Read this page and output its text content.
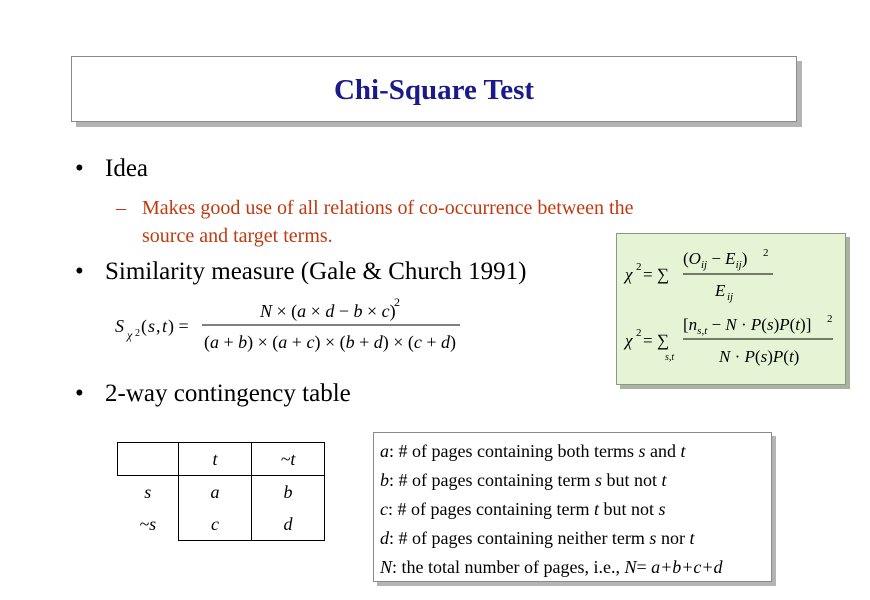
Chi-Square Test
• Idea
– Makes good use of all relations of co-occurrence between the
source and target terms.
• Similarity measure (Gale & Church 1991)
S χ 2 ( s , t ) =
N × (a × d − b × c)
2
(a + b) × (a + c) × (b + d) × (c + d)
χ 2 = ∑
$(O_{ij} - E_{ij})$ 2
E ij
χ 2 = ∑
s,t
$[n_{s,t} - N \cdot P(s)P(t)]$ 2
N · P(s)P(t)
• 2-way contingency table
	t	~t
s	a	b
~s	c	d
a: # of pages containing both terms s and t
b: # of pages containing term s but not t
c: # of pages containing term t but not s
d: # of pages containing neither term s nor t
N: the total number of pages, i.e., N= a+b+c+d
